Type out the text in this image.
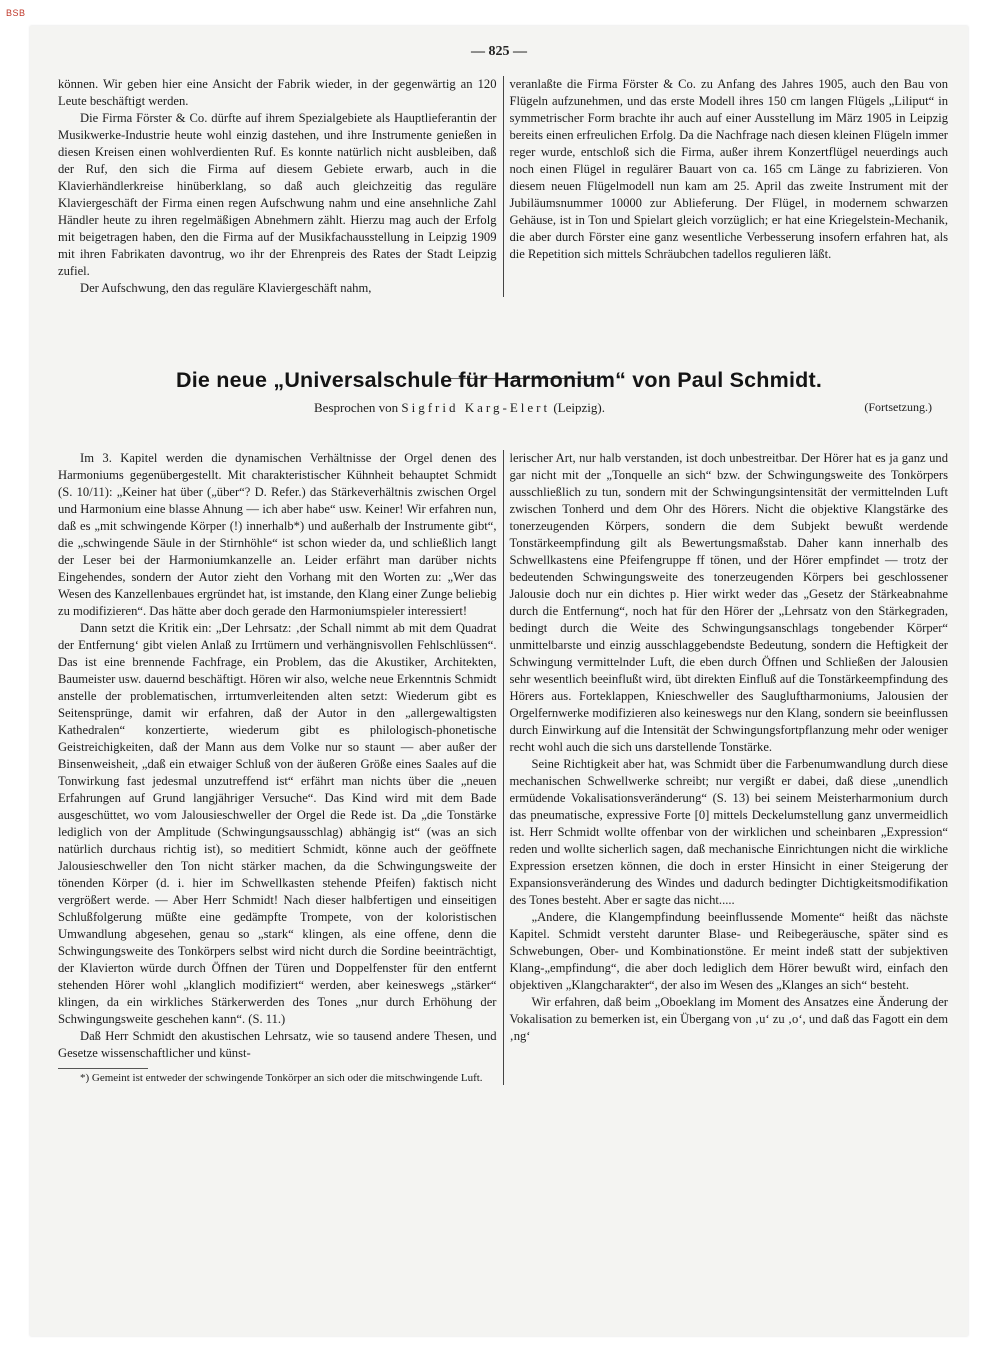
BSB
— 825 —

können. Wir geben hier eine Ansicht der Fabrik wieder, in der gegenwärtig an 120 Leute beschäftigt werden.

Die Firma Förster & Co. dürfte auf ihrem Spezialgebiete als Hauptlieferantin der Musikwerke-Industrie heute wohl einzig dastehen, und ihre Instrumente genießen in diesen Kreisen einen wohlverdienten Ruf. Es konnte natürlich nicht ausbleiben, daß der Ruf, den sich die Firma auf diesem Gebiete erwarb, auch in die Klavierhändlerkreise hinüberklang, so daß auch gleichzeitig das reguläre Klaviergeschäft der Firma einen regen Aufschwung nahm und eine ansehnliche Zahl Händler heute zu ihren regelmäßigen Abnehmern zählt. Hierzu mag auch der Erfolg mit beigetragen haben, den die Firma auf der Musikfachausstellung in Leipzig 1909 mit ihren Fabrikaten davontrug, wo ihr der Ehrenpreis des Rates der Stadt Leipzig zufiel.

Der Aufschwung, den das reguläre Klaviergeschäft nahm,

veranlaßte die Firma Förster & Co. zu Anfang des Jahres 1905, auch den Bau von Flügeln aufzunehmen, und das erste Modell ihres 150 cm langen Flügels „Liliput“ in symmetrischer Form brachte ihr auch auf einer Ausstellung im März 1905 in Leipzig bereits einen erfreulichen Erfolg. Da die Nachfrage nach diesen kleinen Flügeln immer reger wurde, entschloß sich die Firma, außer ihrem Konzertflügel neuerdings auch noch einen Flügel in regulärer Bauart von ca. 165 cm Länge zu fabrizieren. Von diesem neuen Flügelmodell nun kam am 25. April das zweite Instrument mit der Jubiläumsnummer 10000 zur Ablieferung. Der Flügel, in modernem schwarzen Gehäuse, ist in Ton und Spielart gleich vorzüglich; er hat eine Kriegelstein-Mechanik, die aber durch Förster eine ganz wesentliche Verbesserung insofern erfahren hat, als die Repetition sich mittels Schräubchen tadellos regulieren läßt.

Die neue „Universalschule für Harmonium“ von Paul Schmidt.
Besprochen von Sigfrid Karg-Elert (Leipzig).	(Fortsetzung.)

Im 3. Kapitel werden die dynamischen Verhältnisse der Orgel denen des Harmoniums gegenübergestellt. Mit charakteristischer Kühnheit behauptet Schmidt (S. 10/11): „Keiner hat über („über“? D. Refer.) das Stärkeverhältnis zwischen Orgel und Harmonium eine blasse Ahnung — ich aber habe“ usw. Keiner! Wir erfahren nun, daß es „mit schwingende Körper (!) innerhalb*) und außerhalb der Instrumente gibt“, die „schwingende Säule in der Stirnhöhle“ ist schon wieder da, und schließlich langt der Leser bei der Harmoniumkanzelle an. Leider erfährt man darüber nichts Eingehendes, sondern der Autor zieht den Vorhang mit den Worten zu: „Wer das Wesen des Kanzellenbaues ergründet hat, ist imstande, den Klang einer Zunge beliebig zu modifizieren“. Das hätte aber doch gerade den Harmoniumspieler interessiert!

Dann setzt die Kritik ein: „Der Lehrsatz: ‚der Schall nimmt ab mit dem Quadrat der Entfernung‘ gibt vielen Anlaß zu Irrtümern und verhängnisvollen Fehlschlüssen“. Das ist eine brennende Fachfrage, ein Problem, das die Akustiker, Architekten, Baumeister usw. dauernd beschäftigt. Hören wir also, welche neue Erkenntnis Schmidt anstelle der problematischen, irrtumverleitenden alten setzt: Wiederum gibt es Seitensprünge, damit wir erfahren, daß der Autor in den „allergewaltigsten Kathedralen“ konzertierte, wiederum gibt es philologisch-phonetische Geistreichigkeiten, daß der Mann aus dem Volke nur so staunt — aber außer der Binsenweisheit, „daß ein etwaiger Schluß von der äußeren Größe eines Saales auf die Tonwirkung fast jedesmal unzutreffend ist“ erfährt man nichts über die „neuen Erfahrungen auf Grund langjähriger Versuche“. Das Kind wird mit dem Bade ausgeschüttet, wo vom Jalousieschweller der Orgel die Rede ist. Da „die Tonstärke lediglich von der Amplitude (Schwingungsausschlag) abhängig ist“ (was an sich natürlich durchaus richtig ist), so meditiert Schmidt, könne auch der geöffnete Jalousieschweller den Ton nicht stärker machen, da die Schwingungsweite der tönenden Körper (d. i. hier im Schwellkasten stehende Pfeifen) faktisch nicht vergrößert werde. — Aber Herr Schmidt! Nach dieser halbfertigen und einseitigen Schlußfolgerung müßte eine gedämpfte Trompete, von der koloristischen Umwandlung abgesehen, genau so „stark“ klingen, als eine offene, denn die Schwingungsweite des Tonkörpers selbst wird nicht durch die Sordine beeinträchtigt, der Klavierton würde durch Öffnen der Türen und Doppelfenster für den entfernt stehenden Hörer wohl „klanglich modifiziert“ werden, aber keineswegs „stärker“ klingen, da ein wirkliches Stärkerwerden des Tones „nur durch Erhöhung der Schwingungsweite geschehen kann“. (S. 11.)

Daß Herr Schmidt den akustischen Lehrsatz, wie so tausend andere Thesen, und Gesetze wissenschaftlicher und künst-

*) Gemeint ist entweder der schwingende Tonkörper an sich oder die mitschwingende Luft.

lerischer Art, nur halb verstanden, ist doch unbestreitbar. Der Hörer hat es ja ganz und gar nicht mit der „Tonquelle an sich“ bzw. der Schwingungsweite des Tonkörpers ausschließlich zu tun, sondern mit der Schwingungsintensität der vermittelnden Luft zwischen Tonherd und dem Ohr des Hörers. Nicht die objektive Klangstärke des tonerzeugenden Körpers, sondern die dem Subjekt bewußt werdende Tonstärkeempfindung gilt als Bewertungsmaßstab. Daher kann innerhalb des Schwellkastens eine Pfeifengruppe ff tönen, und der Hörer empfindet — trotz der bedeutenden Schwingungsweite des tonerzeugenden Körpers bei geschlossener Jalousie doch nur ein dichtes p. Hier wirkt weder das „Gesetz der Stärkeabnahme durch die Entfernung“, noch hat für den Hörer der „Lehrsatz von den Stärkegraden, bedingt durch die Weite des Schwingungsanschlags tongebender Körper“ unmittelbarste und einzig ausschlaggebendste Bedeutung, sondern die Heftigkeit der Schwingung vermittelnder Luft, die eben durch Öffnen und Schließen der Jalousien sehr wesentlich beeinflußt wird, übt direkten Einfluß auf die Tonstärkeempfindung des Hörers aus. Forteklappen, Knieschweller des Saugluftharmoniums, Jalousien der Orgelfernwerke modifizieren also keineswegs nur den Klang, sondern sie beeinflussen durch Einwirkung auf die Intensität der Schwingungsfortpflanzung mehr oder weniger recht wohl auch die sich uns darstellende Tonstärke.

Seine Richtigkeit aber hat, was Schmidt über die Farbenumwandlung durch diese mechanischen Schwellwerke schreibt; nur vergißt er dabei, daß diese „unendlich ermüdende Vokalisationsveränderung“ (S. 13) bei seinem Meisterharmonium durch das pneumatische, expressive Forte [0] mittels Deckelumstellung ganz unvermeidlich ist. Herr Schmidt wollte offenbar von der wirklichen und scheinbaren „Expression“ reden und wollte sicherlich sagen, daß mechanische Einrichtungen nicht die wirkliche Expression ersetzen können, die doch in erster Hinsicht in einer Steigerung der Expansionsveränderung des Windes und dadurch bedingter Dichtigkeitsmodifikation des Tones besteht. Aber er sagte das nicht.....

„Andere, die Klangempfindung beeinflussende Momente“ heißt das nächste Kapitel. Schmidt versteht darunter Blase- und Reibegeräusche, später sind es Schwebungen, Ober- und Kombinationstöne. Er meint indeß statt der subjektiven Klang-„empfindung“, die aber doch lediglich dem Hörer bewußt wird, einfach den objektiven „Klangcharakter“, der also im Wesen des „Klanges an sich“ besteht.

Wir erfahren, daß beim „Oboeklang im Moment des Ansatzes eine Änderung der Vokalisation zu bemerken ist, ein Übergang von ‚u‘ zu ‚o‘, und daß das Fagott ein dem ‚ng‘
